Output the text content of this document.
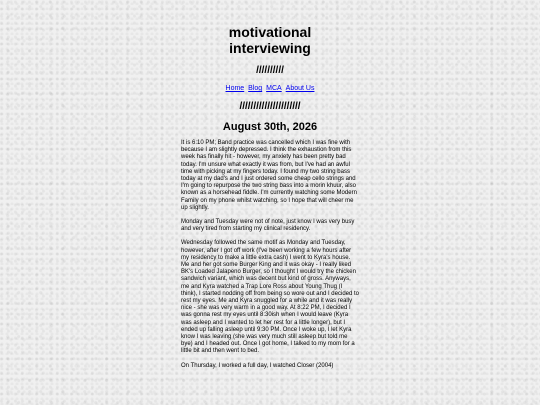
motivational
interviewing
//////////
Home Blog MCA About Us
//////////////////////
August 30th, 2026

It is 6:10 PM; Band practice was cancelled which I was fine with because I am slightly depressed. I think the exhaustion from this week has finally hit - however, my anxiety has been pretty bad today. I'm unsure what exactly it was from, but I've had an awful time with picking at my fingers today. I found my two string bass today at my dad's and I just ordered some cheap cello strings and I'm going to repurpose the two string bass into a morin khuur, also known as a horsehead fiddle. I'm currently watching some Modern Family on my phone whilst watching, so I hope that will cheer me up slightly.

Monday and Tuesday were not of note, just know I was very busy and very tired from starting my clinical residency.

Wednesday followed the same motif as Monday and Tuesday, however, after I got off work (I've been working a few hours after my residency to make a little extra cash) I went to Kyra's house. Me and her got some Burger King and it was okay - I really liked BK's Loaded Jalapeno Burger, so I thought I would try the chicken sandwich variant, which was decent but kind of gross. Anyways, me and Kyra watched a Trap Lore Ross about Young Thug (I think), I started nodding off from being so wore out and I decided to rest my eyes. Me and Kyra snuggled for a while and it was really nice - she was very warm in a good way. At 8:22 PM, I decided I was gonna rest my eyes until 8:30ish when I would leave (Kyra was asleep and I wanted to let her rest for a little longer), but I ended up falling asleep until 9:30 PM. Once I woke up, I let Kyra know I was leaving (she was very much still asleep but told me bye) and I headed out. Once I got home, I talked to my mom for a little bit and then went to bed.

On Thursday, I worked a full day, I watched Closer (2004)
